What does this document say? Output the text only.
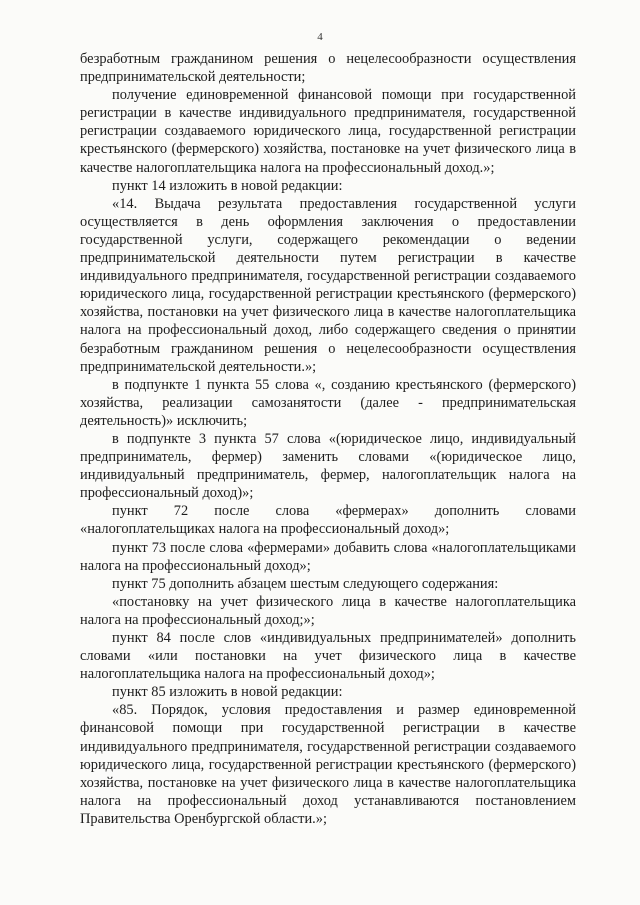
4

безработным гражданином решения о нецелесообразности осуществления предпринимательской деятельности;

получение единовременной финансовой помощи при государственной регистрации в качестве индивидуального предпринимателя, государственной регистрации создаваемого юридического лица, государственной регистрации крестьянского (фермерского) хозяйства, постановке на учет физического лица в качестве налогоплательщика налога на профессиональный доход.»;

пункт 14 изложить в новой редакции:

«14. Выдача результата предоставления государственной услуги осуществляется в день оформления заключения о предоставлении государственной услуги, содержащего рекомендации о ведении предпринимательской деятельности путем регистрации в качестве индивидуального предпринимателя, государственной регистрации создаваемого юридического лица, государственной регистрации крестьянского (фермерского) хозяйства, постановки на учет физического лица в качестве налогоплательщика налога на профессиональный доход, либо содержащего сведения о принятии безработным гражданином решения о нецелесообразности осуществления предпринимательской деятельности.»;

в подпункте 1 пункта 55 слова «, созданию крестьянского (фермерского) хозяйства, реализации самозанятости (далее - предпринимательская деятельность)» исключить;

в подпункте 3 пункта 57 слова «(юридическое лицо, индивидуальный предприниматель, фермер) заменить словами «(юридическое лицо, индивидуальный предприниматель, фермер, налогоплательщик налога на профессиональный доход)»;

пункт 72 после слова «фермерах» дополнить словами «налогоплательщиках налога на профессиональный доход»;

пункт 73 после слова «фермерами» добавить слова «налогоплательщиками налога на профессиональный доход»;

пункт 75 дополнить абзацем шестым следующего содержания:

«постановку на учет физического лица в качестве налогоплательщика налога на профессиональный доход;»;

пункт 84 после слов «индивидуальных предпринимателей» дополнить словами «или постановки на учет физического лица в качестве налогоплательщика налога на профессиональный доход»;

пункт 85 изложить в новой редакции:

«85. Порядок, условия предоставления и размер единовременной финансовой помощи при государственной регистрации в качестве индивидуального предпринимателя, государственной регистрации создаваемого юридического лица, государственной регистрации крестьянского (фермерского) хозяйства, постановке на учет физического лица в качестве налогоплательщика налога на профессиональный доход устанавливаются постановлением Правительства Оренбургской области.»;
